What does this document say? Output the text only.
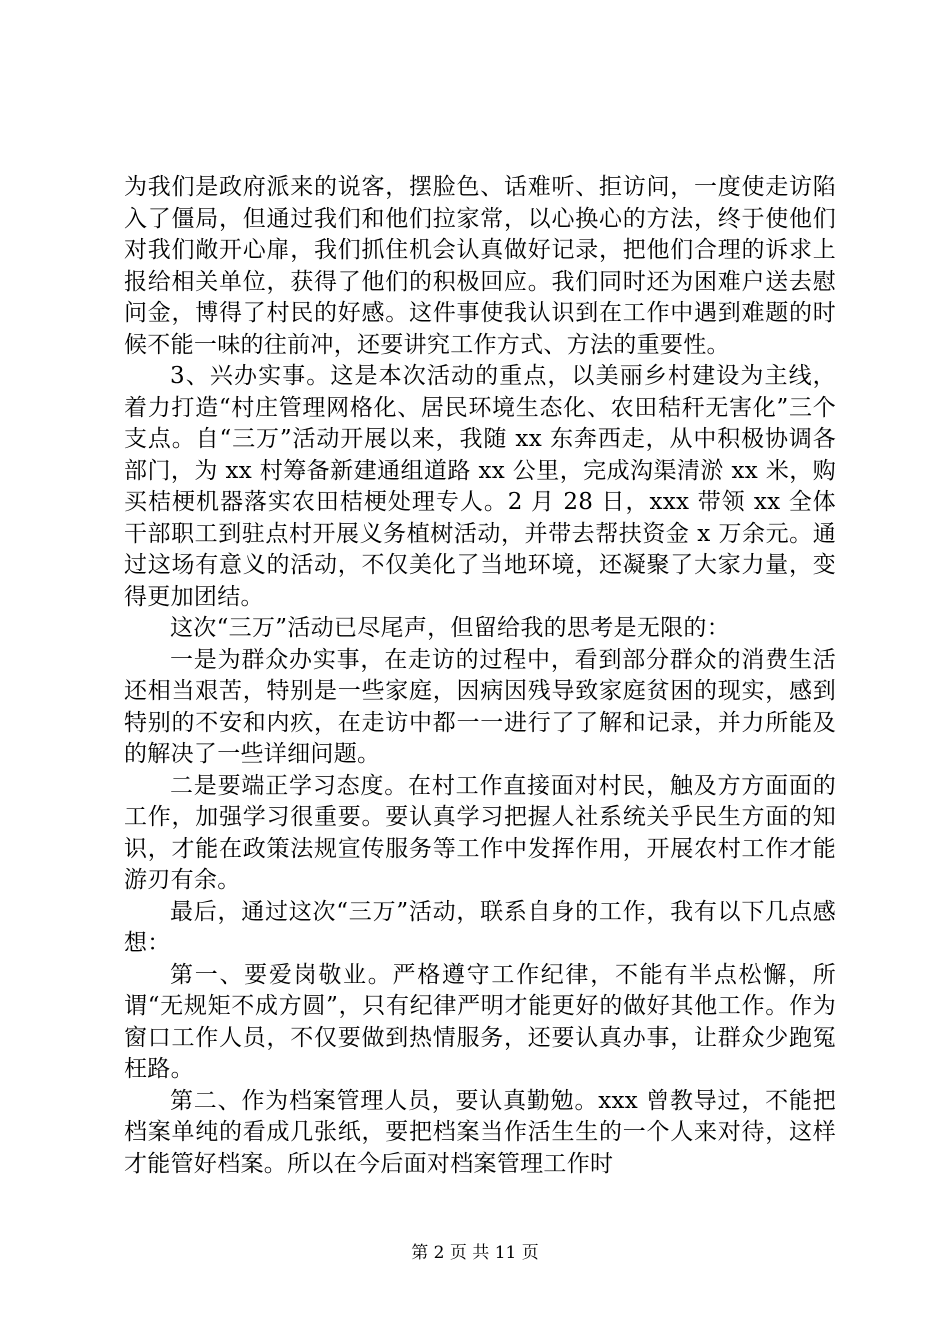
为我们是政府派来的说客，摆脸色、话难听、拒访问，一度使走访陷入了僵局，但通过我们和他们拉家常，以心换心的方法，终于使他们对我们敞开心扉，我们抓住机会认真做好记录，把他们合理的诉求上报给相关单位，获得了他们的积极回应。我们同时还为困难户送去慰问金，博得了村民的好感。这件事使我认识到在工作中遇到难题的时候不能一味的往前冲，还要讲究工作方式、方法的重要性。

3、兴办实事。这是本次活动的重点，以美丽乡村建设为主线，着力打造“村庄管理网格化、居民环境生态化、农田秸秆无害化”三个支点。自“三万”活动开展以来，我随 xx 东奔西走，从中积极协调各部门，为 xx 村筹备新建通组道路 xx 公里，完成沟渠清淤 xx 米，购买桔梗机器落实农田桔梗处理专人。2 月 28 日，xxx 带领 xx 全体干部职工到驻点村开展义务植树活动，并带去帮扶资金 x 万余元。通过这场有意义的活动，不仅美化了当地环境，还凝聚了大家力量，变得更加团结。

这次“三万”活动已尽尾声，但留给我的思考是无限的：

一是为群众办实事，在走访的过程中，看到部分群众的消费生活还相当艰苦，特别是一些家庭，因病因残导致家庭贫困的现实，感到特别的不安和内疚，在走访中都一一进行了了解和记录，并力所能及的解决了一些详细问题。

二是要端正学习态度。在村工作直接面对村民，触及方方面面的工作，加强学习很重要。要认真学习把握人社系统关乎民生方面的知识，才能在政策法规宣传服务等工作中发挥作用，开展农村工作才能游刃有余。

最后，通过这次“三万”活动，联系自身的工作，我有以下几点感想：

第一、要爱岗敬业。严格遵守工作纪律，不能有半点松懈，所谓“无规矩不成方圆”，只有纪律严明才能更好的做好其他工作。作为窗口工作人员，不仅要做到热情服务，还要认真办事，让群众少跑冤枉路。

第二、作为档案管理人员，要认真勤勉。xxx 曾教导过，不能把档案单纯的看成几张纸，要把档案当作活生生的一个人来对待，这样才能管好档案。所以在今后面对档案管理工作时

第 2 页 共 11 页
